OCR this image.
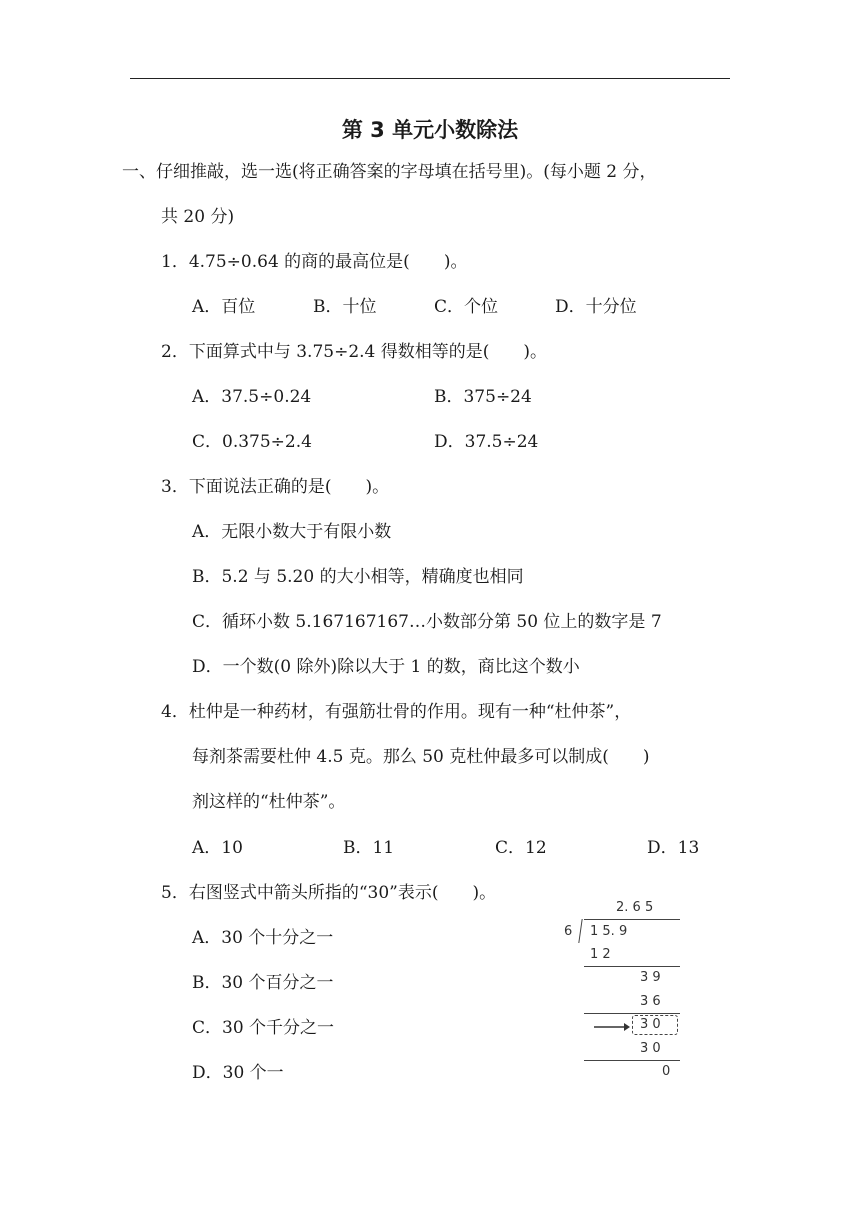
第 3 单元小数除法
一、仔细推敲，选一选(将正确答案的字母填在括号里)。(每小题 2 分，
共 20 分)
1．4.75÷0.64 的商的最高位是( )。
A．百位	B．十位	C．个位	D．十分位
2．下面算式中与 3.75÷2.4 得数相等的是( )。
A．37.5÷0.24	B．375÷24
C．0.375÷2.4	D．37.5÷24
3．下面说法正确的是( )。
A．无限小数大于有限小数
B．5.2 与 5.20 的大小相等，精确度也相同
C．循环小数 5.167167167…小数部分第 50 位上的数字是 7
D．一个数(0 除外)除以大于 1 的数，商比这个数小
4．杜仲是一种药材，有强筋壮骨的作用。现有一种“杜仲茶”，
每剂茶需要杜仲 4.5 克。那么 50 克杜仲最多可以制成( )
剂这样的“杜仲茶”。
A．10	B．11	C．12	D．13
5．右图竖式中箭头所指的“30”表示( )。
A．30 个十分之一
B．30 个百分之一
C．30 个千分之一
D．30 个一
2. 6 5
6 1 5. 9
1 2
3 9
3 6
3 0
3 0
0
